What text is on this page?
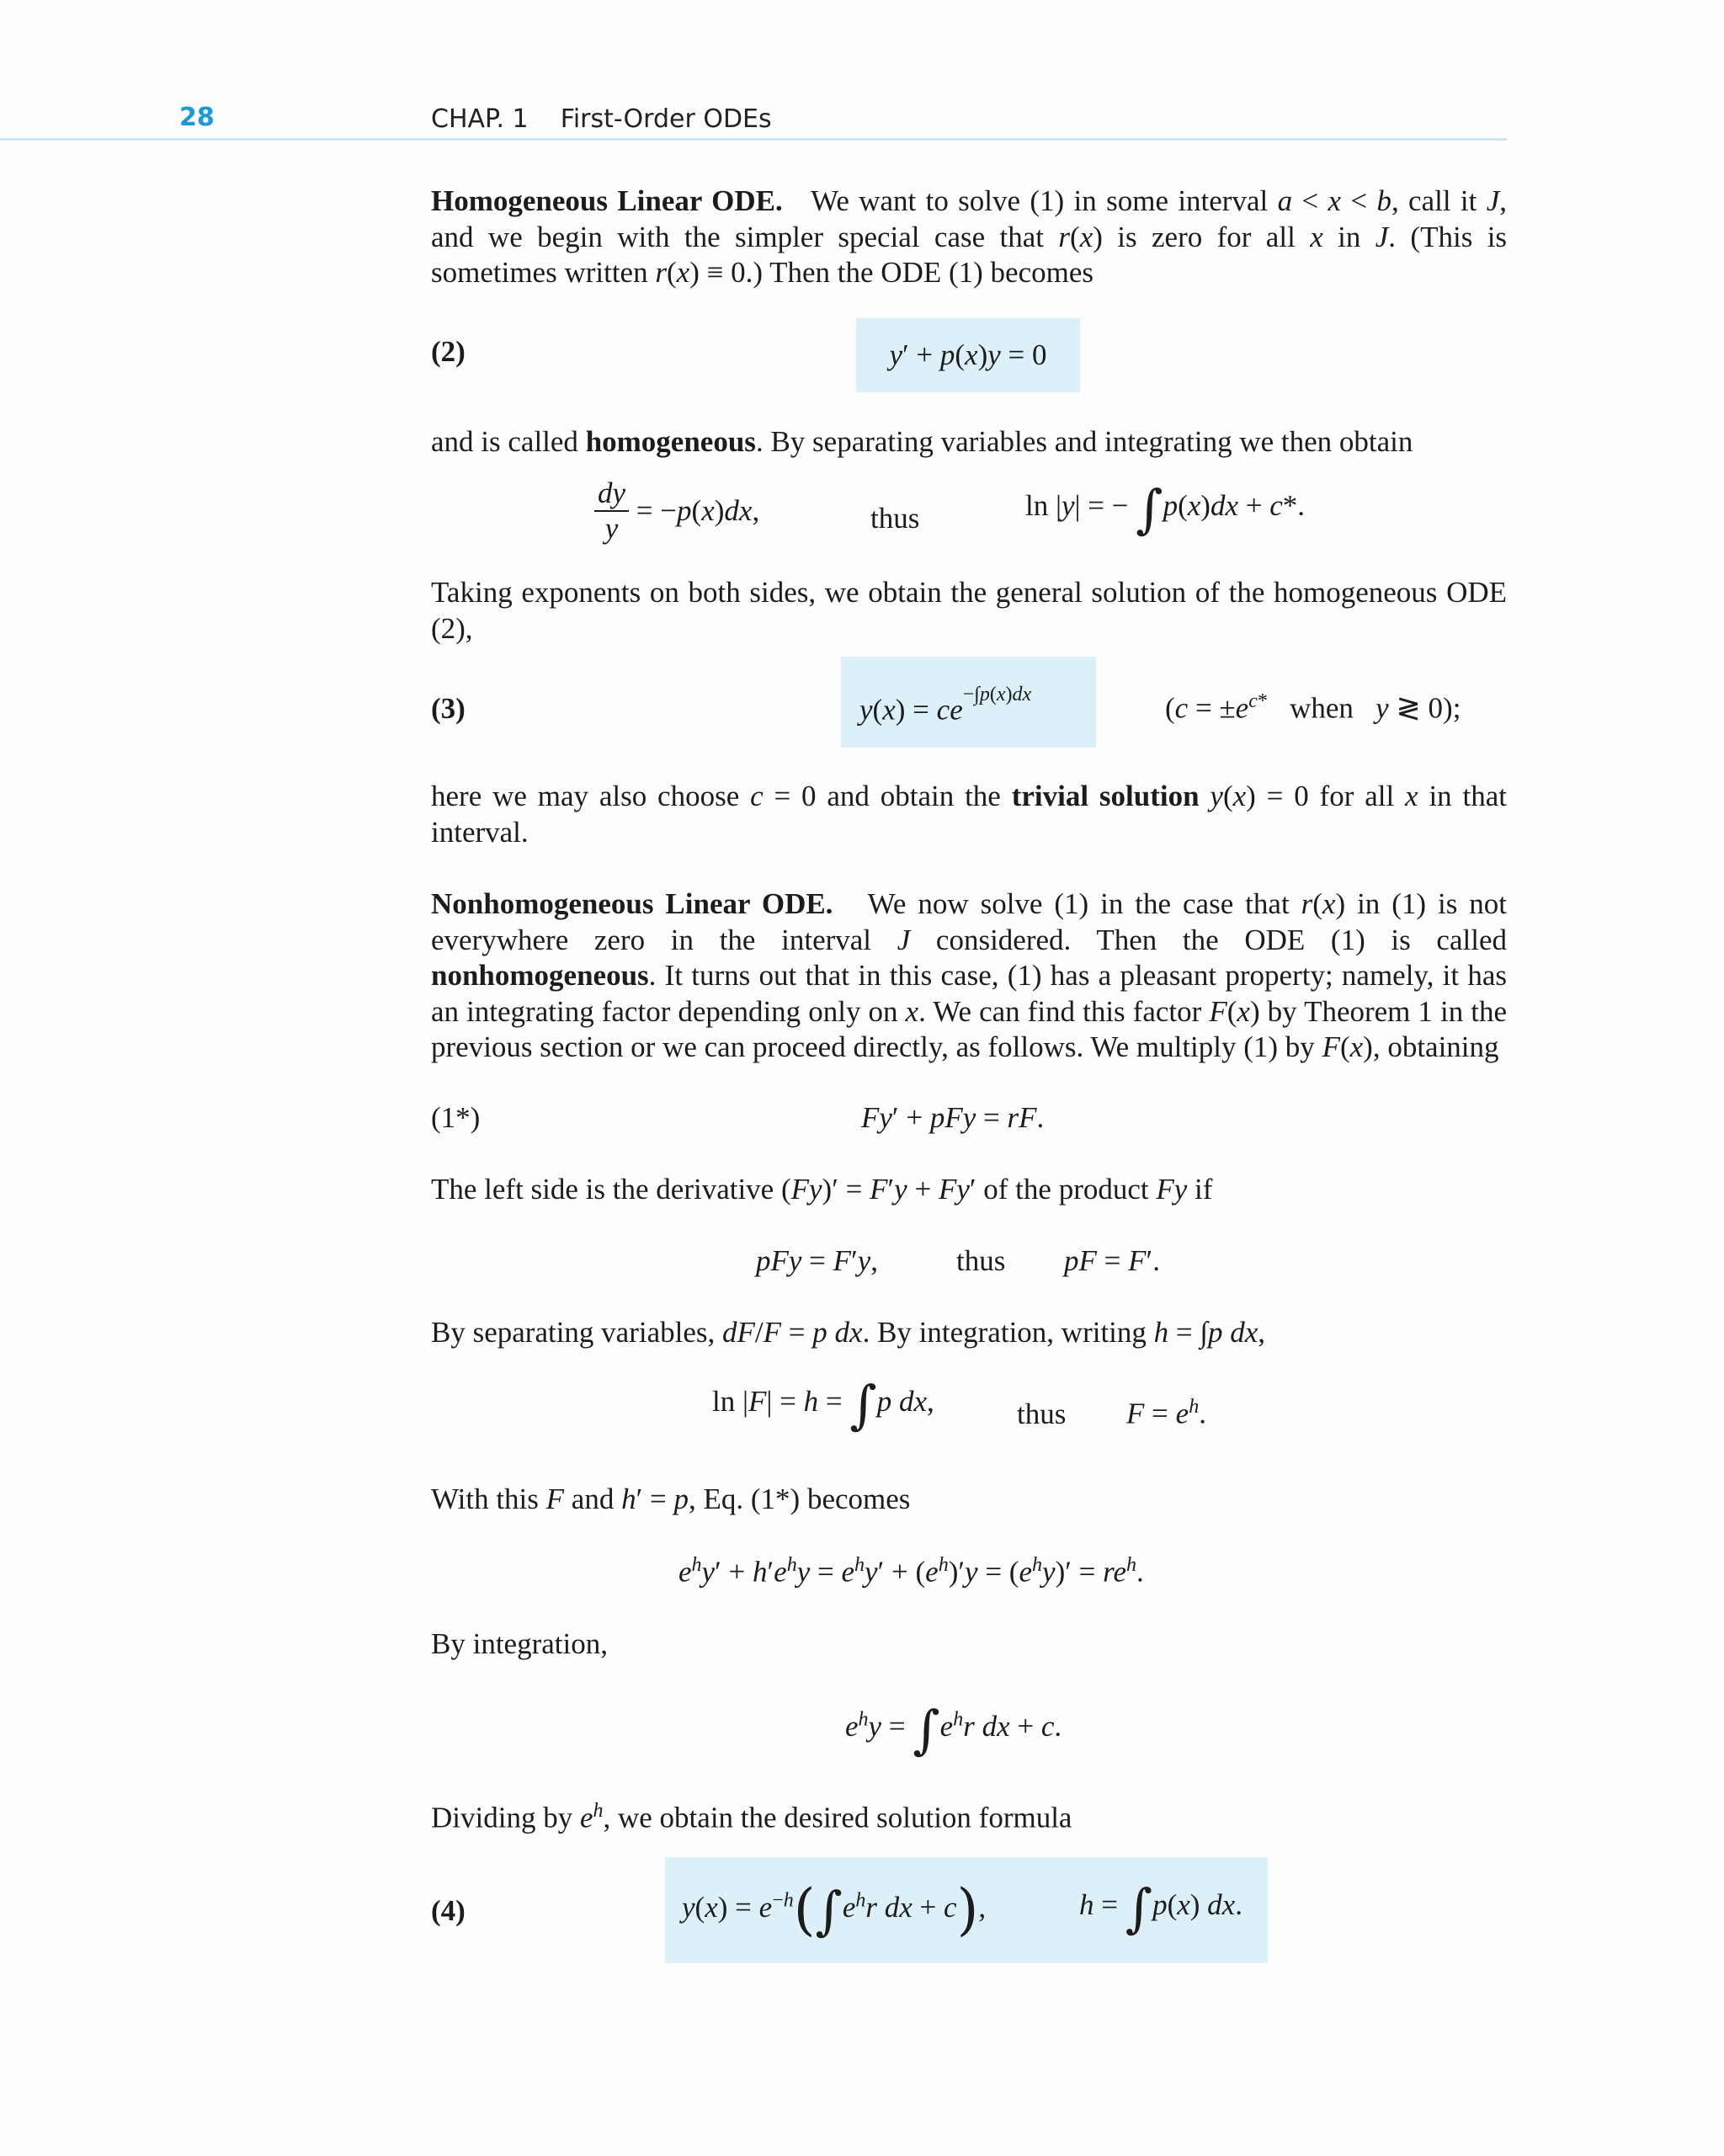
28	CHAP. 1    First-Order ODEs
Homogeneous Linear ODE. We want to solve (1) in some interval a < x < b, call it J, and we begin with the simpler special case that r(x) is zero for all x in J. (This is sometimes written r(x) ≡ 0.) Then the ODE (1) becomes
(2)	y′ + p(x)y = 0
and is called homogeneous. By separating variables and integrating we then obtain
$\frac{dy}{y} = -p(x)dx$,	thus	ln |y| = − ∫p(x)dx + c*.
Taking exponents on both sides, we obtain the general solution of the homogeneous ODE (2),
(3)	$y(x) = ce^{-\int p(x)dx}$	($c = \pm e^{c*}$ when y ≷ 0);
here we may also choose c = 0 and obtain the trivial solution y(x) = 0 for all x in that interval.
Nonhomogeneous Linear ODE. We now solve (1) in the case that r(x) in (1) is not everywhere zero in the interval J considered. Then the ODE (1) is called nonhomogeneous. It turns out that in this case, (1) has a pleasant property; namely, it has an integrating factor depending only on x. We can find this factor F(x) by Theorem 1 in the previous section or we can proceed directly, as follows. We multiply (1) by F(x), obtaining
(1*)	Fy′ + pFy = rF.
The left side is the derivative (Fy)′ = F′y + Fy′ of the product Fy if
pFy = F′y,	thus pF = F′.
By separating variables, dF/F = p dx. By integration, writing h = ∫p dx,
ln |F| = h = ∫p dx,	thus $F = e^h$.
With this F and h′ = p, Eq. (1*) becomes
$e^hy' + h'e^hy = e^hy' + (e^h)'y = (e^hy)' = re^h$.
By integration,
$e^hy = \int e^hr$ dx + c.
Dividing by $e^h$, we obtain the desired solution formula
(4)	$y(x) = e^{-h}(\int e^hr$ dx + c),	h = ∫p(x) dx.
